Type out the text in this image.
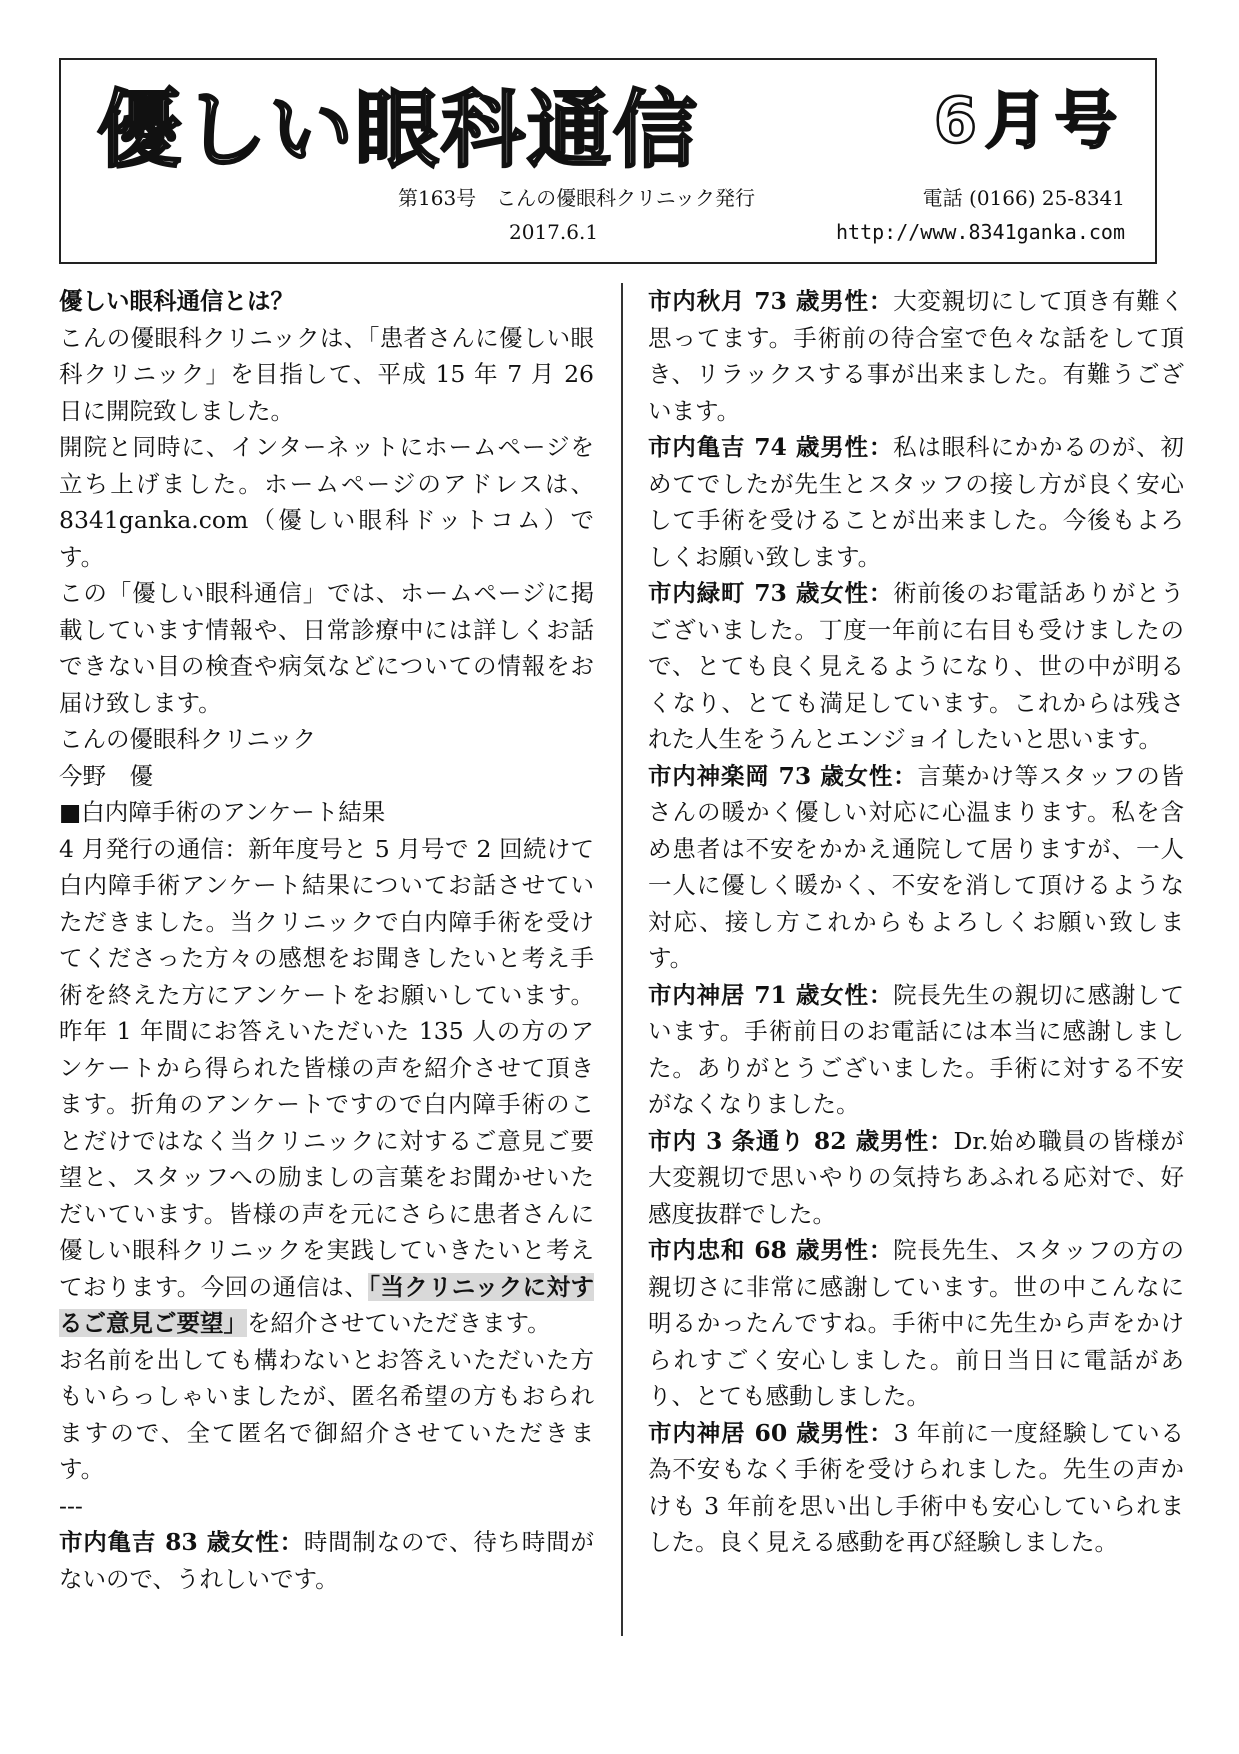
優しい眼科通信	6月号
第163号　こんの優眼科クリニック発行	電話 (0166) 25-8341
2017.6.1	http://www.8341ganka.com

優しい眼科通信とは？

こんの優眼科クリニックは、「患者さんに優しい眼科クリニック」を目指して、平成 15 年 7 月 26 日に開院致しました。

開院と同時に、インターネットにホームページを立ち上げました。ホームページのアドレスは、8341ganka.com（優しい眼科ドットコム）です。

この「優しい眼科通信」では、ホームページに掲載しています情報や、日常診療中には詳しくお話できない目の検査や病気などについての情報をお届け致します。

こんの優眼科クリニック

今野　優

■白内障手術のアンケート結果

4 月発行の通信：新年度号と 5 月号で 2 回続けて白内障手術アンケート結果についてお話させていただきました。当クリニックで白内障手術を受けてくださった方々の感想をお聞きしたいと考え手術を終えた方にアンケートをお願いしています。昨年 1 年間にお答えいただいた 135 人の方のアンケートから得られた皆様の声を紹介させて頂きます。折角のアンケートですので白内障手術のことだけではなく当クリニックに対するご意見ご要望と、スタッフへの励ましの言葉をお聞かせいただいています。皆様の声を元にさらに患者さんに優しい眼科クリニックを実践していきたいと考えております。今回の通信は、「当クリニックに対するご意見ご要望」を紹介させていただきます。

お名前を出しても構わないとお答えいただいた方もいらっしゃいましたが、匿名希望の方もおられますので、全て匿名で御紹介させていただきます。

---

市内亀吉 83 歳女性：時間制なので、待ち時間がないので、うれしいです。

市内秋月 73 歳男性：大変親切にして頂き有難く思ってます。手術前の待合室で色々な話をして頂き、リラックスする事が出来ました。有難うございます。

市内亀吉 74 歳男性：私は眼科にかかるのが、初めてでしたが先生とスタッフの接し方が良く安心して手術を受けることが出来ました。今後もよろしくお願い致します。

市内緑町 73 歳女性：術前後のお電話ありがとうございました。丁度一年前に右目も受けましたので、とても良く見えるようになり、世の中が明るくなり、とても満足しています。これからは残された人生をうんとエンジョイしたいと思います。

市内神楽岡 73 歳女性：言葉かけ等スタッフの皆さんの暖かく優しい対応に心温まります。私を含め患者は不安をかかえ通院して居りますが、一人一人に優しく暖かく、不安を消して頂けるような対応、接し方これからもよろしくお願い致します。

市内神居 71 歳女性：院長先生の親切に感謝しています。手術前日のお電話には本当に感謝しました。ありがとうございました。手術に対する不安がなくなりました。

市内 3 条通り 82 歳男性：Dr.始め職員の皆様が大変親切で思いやりの気持ちあふれる応対で、好感度抜群でした。

市内忠和 68 歳男性：院長先生、スタッフの方の親切さに非常に感謝しています。世の中こんなに明るかったんですね。手術中に先生から声をかけられすごく安心しました。前日当日に電話があり、とても感動しました。

市内神居 60 歳男性：3 年前に一度経験している為不安もなく手術を受けられました。先生の声かけも 3 年前を思い出し手術中も安心していられました。良く見える感動を再び経験しました。
